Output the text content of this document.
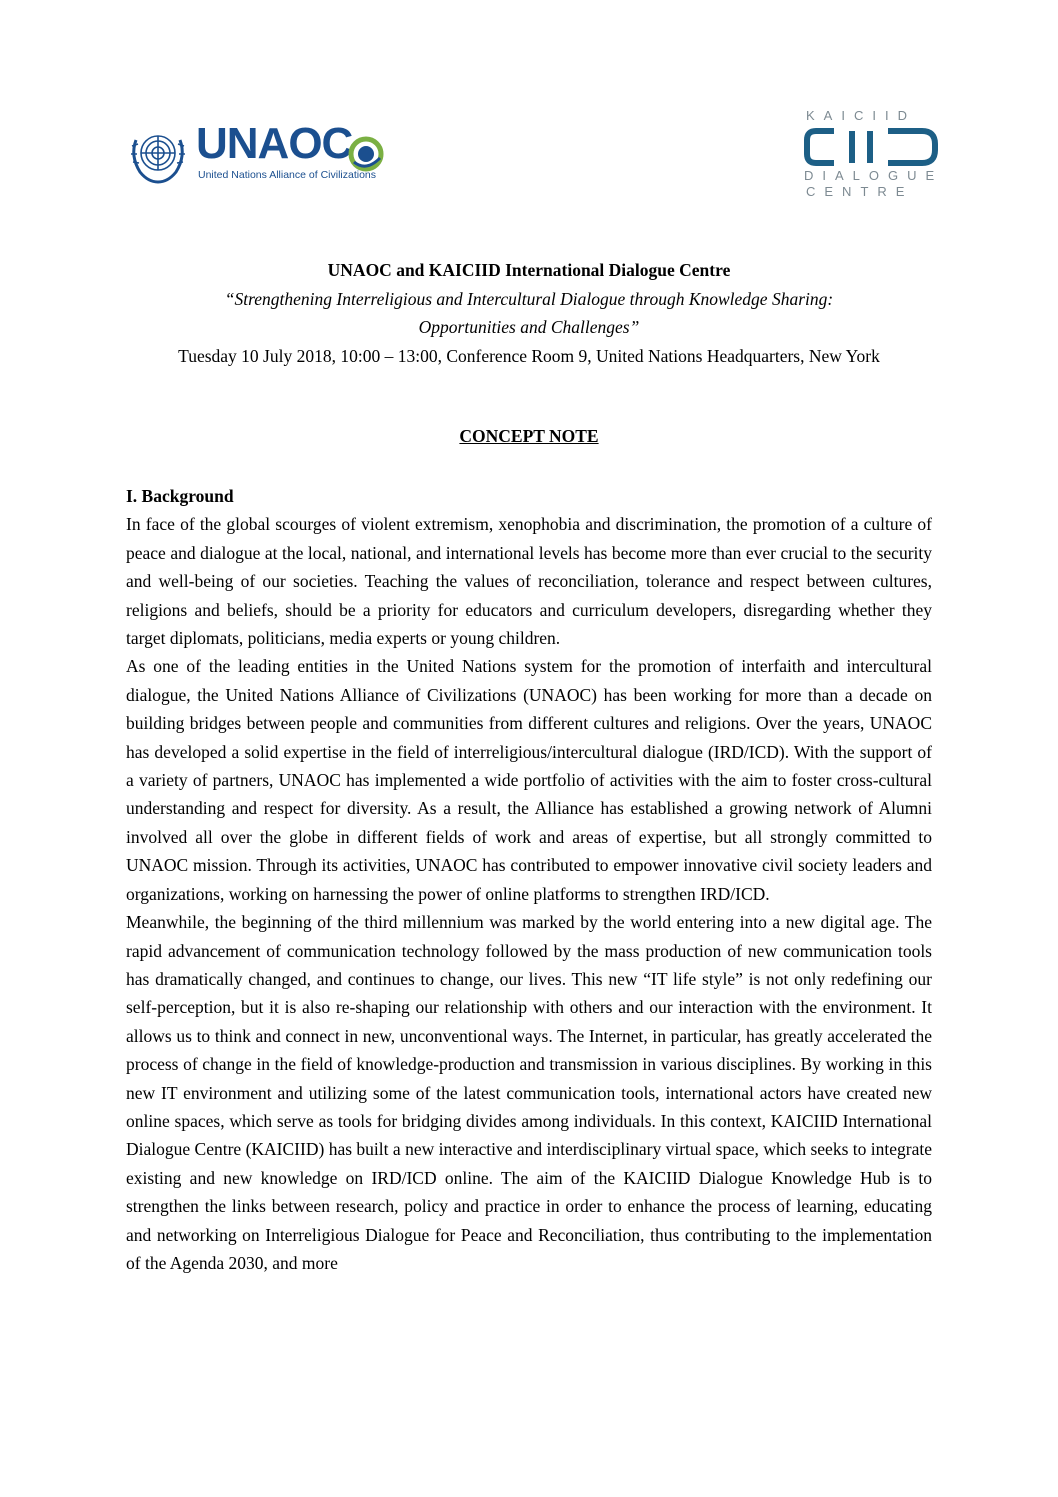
UNAOC
United Nations Alliance of Civilizations
KAICIID
DIALOGUE
CENTRE
UNAOC and KAICIID International Dialogue Centre
“Strengthening Interreligious and Intercultural Dialogue through Knowledge Sharing:
Opportunities and Challenges”
Tuesday 10 July 2018, 10:00 – 13:00, Conference Room 9, United Nations Headquarters, New York
CONCEPT NOTE

I. Background

In face of the global scourges of violent extremism, xenophobia and discrimination, the promotion of a culture of peace and dialogue at the local, national, and international levels has become more than ever crucial to the security and well-being of our societies. Teaching the values of reconciliation, tolerance and respect between cultures, religions and beliefs, should be a priority for educators and curriculum developers, disregarding whether they target diplomats, politicians, media experts or young children.

As one of the leading entities in the United Nations system for the promotion of interfaith and intercultural dialogue, the United Nations Alliance of Civilizations (UNAOC) has been working for more than a decade on building bridges between people and communities from different cultures and religions. Over the years, UNAOC has developed a solid expertise in the field of interreligious/intercultural dialogue (IRD/ICD). With the support of a variety of partners, UNAOC has implemented a wide portfolio of activities with the aim to foster cross-cultural understanding and respect for diversity. As a result, the Alliance has established a growing network of Alumni involved all over the globe in different fields of work and areas of expertise, but all strongly committed to UNAOC mission. Through its activities, UNAOC has contributed to empower innovative civil society leaders and organizations, working on harnessing the power of online platforms to strengthen IRD/ICD.

Meanwhile, the beginning of the third millennium was marked by the world entering into a new digital age. The rapid advancement of communication technology followed by the mass production of new communication tools has dramatically changed, and continues to change, our lives. This new “IT life style” is not only redefining our self-perception, but it is also re-shaping our relationship with others and our interaction with the environment. It allows us to think and connect in new, unconventional ways. The Internet, in particular, has greatly accelerated the process of change in the field of knowledge-production and transmission in various disciplines. By working in this new IT environment and utilizing some of the latest communication tools, international actors have created new online spaces, which serve as tools for bridging divides among individuals. In this context, KAICIID International Dialogue Centre (KAICIID) has built a new interactive and interdisciplinary virtual space, which seeks to integrate existing and new knowledge on IRD/ICD online. The aim of the KAICIID Dialogue Knowledge Hub is to strengthen the links between research, policy and practice in order to enhance the process of learning, educating and networking on Interreligious Dialogue for Peace and Reconciliation, thus contributing to the implementation of the Agenda 2030, and more
